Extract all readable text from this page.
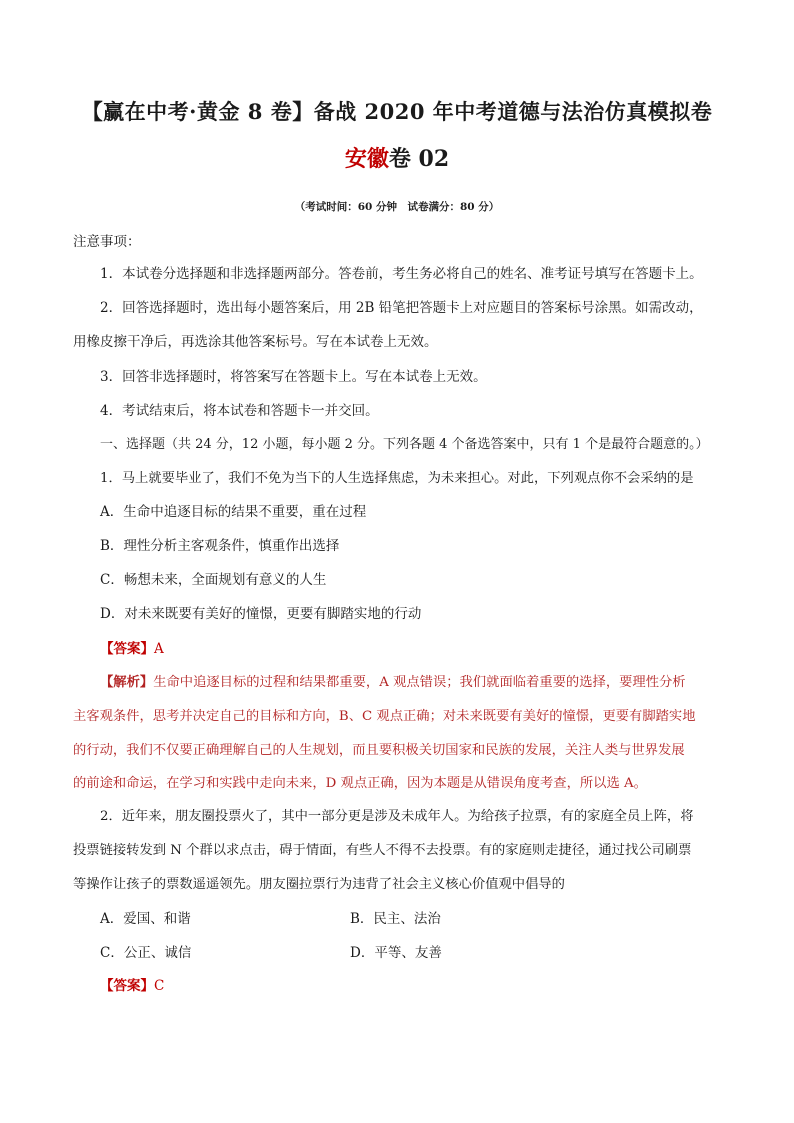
【赢在中考·黄金 8 卷】备战 2020 年中考道德与法治仿真模拟卷
安徽卷 02
（考试时间：60 分钟　试卷满分：80 分）
注意事项：
1．本试卷分选择题和非选择题两部分。答卷前，考生务必将自己的姓名、准考证号填写在答题卡上。
2．回答选择题时，选出每小题答案后，用 2B 铅笔把答题卡上对应题目的答案标号涂黑。如需改动，
用橡皮擦干净后，再选涂其他答案标号。写在本试卷上无效。
3．回答非选择题时，将答案写在答题卡上。写在本试卷上无效。
4．考试结束后，将本试卷和答题卡一并交回。
一、选择题（共 24 分，12 小题，每小题 2 分。下列各题 4 个备选答案中，只有 1 个是最符合题意的。）
1．马上就要毕业了，我们不免为当下的人生选择焦虑，为未来担心。对此，下列观点你不会采纳的是
A．生命中追逐目标的结果不重要，重在过程
B．理性分析主客观条件，慎重作出选择
C．畅想未来，全面规划有意义的人生
D．对未来既要有美好的憧憬，更要有脚踏实地的行动
【答案】A
【解析】生命中追逐目标的过程和结果都重要，A 观点错误；我们就面临着重要的选择，要理性分析
主客观条件，思考并决定自己的目标和方向，B、C 观点正确；对未来既要有美好的憧憬，更要有脚踏实地
的行动，我们不仅要正确理解自己的人生规划，而且要积极关切国家和民族的发展，关注人类与世界发展
的前途和命运，在学习和实践中走向未来，D 观点正确，因为本题是从错误角度考查，所以选 A。
2．近年来，朋友圈投票火了，其中一部分更是涉及未成年人。为给孩子拉票，有的家庭全员上阵，将
投票链接转发到 N 个群以求点击，碍于情面，有些人不得不去投票。有的家庭则走捷径，通过找公司刷票
等操作让孩子的票数遥遥领先。朋友圈拉票行为违背了社会主义核心价值观中倡导的
A．爱国、和谐	B．民主、法治
C．公正、诚信	D．平等、友善
【答案】C
